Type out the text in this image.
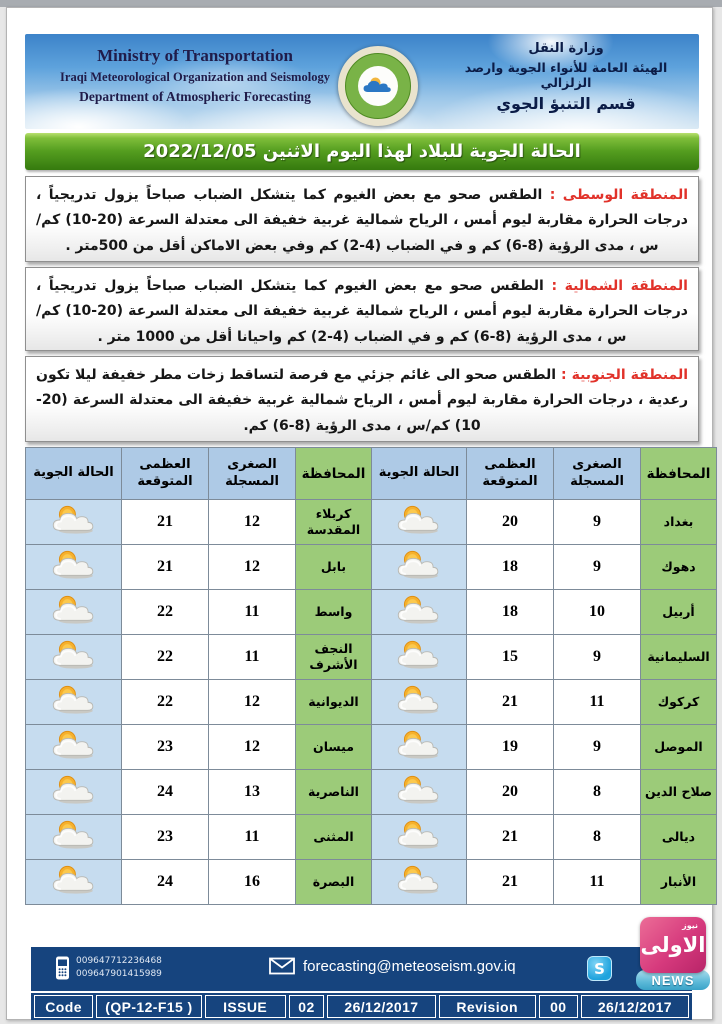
Ministry of Transportation
Iraqi Meteorological Organization and Seismology
Department of Atmospheric Forecasting
وزارة النقل
الهيئة العامة للأنواء الجوية وارصد الزلزالي
قسم التنبؤ الجوي
الحالة الجوية للبلاد لهذا اليوم الاثنين 2022/12/05
المنطقة الوسطى : الطقس صحو مع بعض الغيوم كما يتشكل الضباب صباحاً يزول تدريجياً ، درجات الحرارة مقاربة ليوم أمس ، الرياح شمالية غربية خفيفة الى معتدلة السرعة (20-10) كم/س ، مدى الرؤية (8-6) كم و في الضباب (4-2) كم وفي بعض الاماكن أقل من 500متر .
المنطقة الشمالية : الطقس صحو مع بعض الغيوم كما يتشكل الضباب صباحاً يزول تدريجياً ، درجات الحرارة مقاربة ليوم أمس ، الرياح شمالية غربية خفيفة الى معتدلة السرعة (20-10) كم/س ، مدى الرؤية (8-6) كم و في الضباب (4-2) كم واحيانا أقل من 1000 متر .
المنطقة الجنوبية : الطقس صحو الى غائم جزئي مع فرصة لتساقط زخات مطر خفيفة ليلا تكون رعدية ، درجات الحرارة مقاربة ليوم أمس ، الرياح شمالية غربية خفيفة الى معتدلة السرعة (20-10) كم/س ، مدى الرؤية (8-6) كم.
المحافظة	الصغرى المسجلة	العظمى المتوقعة	الحالة الجوية	المحافظة	الصغرى المسجلة	العظمى المتوقعة	الحالة الجوية
بغداد	9	20		كربلاء المقدسة	12	21	
دهوك	9	18		بابل	12	21	
أربيل	10	18		واسط	11	22	
السليمانية	9	15		النجف الأشرف	11	22	
كركوك	11	21		الديوانية	12	22	
الموصل	9	19		ميسان	12	23	
صلاح الدين	8	20		الناصرية	13	24	
ديالى	8	21		المثنى	11	23	
الأنبار	11	21		البصرة	16	24	
009647712236468
009647901415989	forecasting@meteoseism.gov.iq	S
نيوز
الاولى
NEWS
Code	(QP-12-F15 )	ISSUE	02	26/12/2017	Revision	00	26/12/2017
